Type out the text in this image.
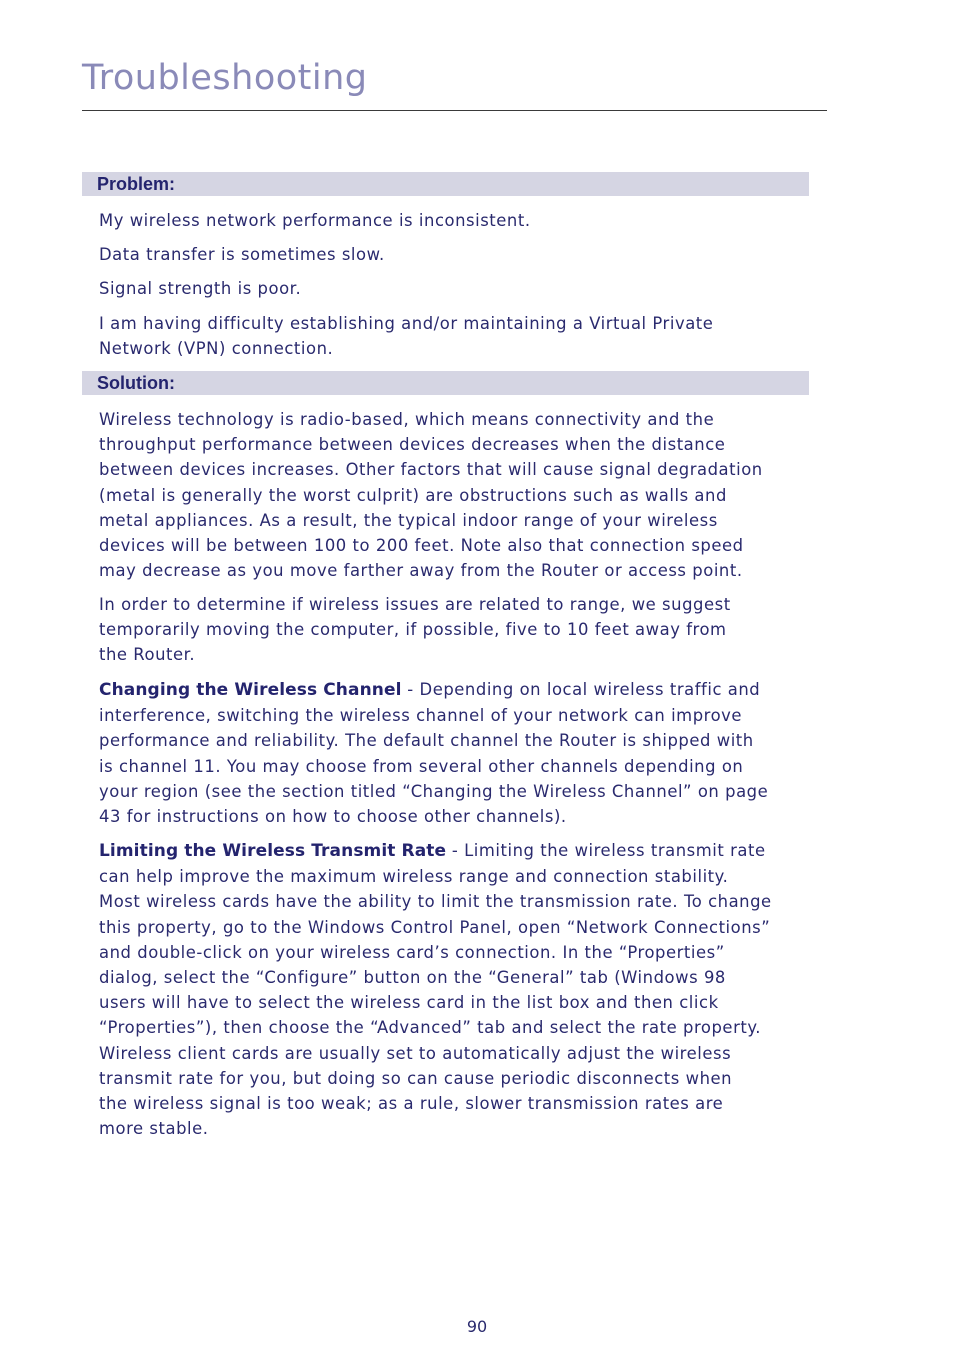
Troubleshooting
Problem:

My wireless network performance is inconsistent.

Data transfer is sometimes slow.

Signal strength is poor.

I am having difficulty establishing and/or maintaining a Virtual Private
Network (VPN) connection.

Solution:

Wireless technology is radio-based, which means connectivity and the
throughput performance between devices decreases when the distance
between devices increases. Other factors that will cause signal degradation
(metal is generally the worst culprit) are obstructions such as walls and
metal appliances. As a result, the typical indoor range of your wireless
devices will be between 100 to 200 feet. Note also that connection speed
may decrease as you move farther away from the Router or access point.

In order to determine if wireless issues are related to range, we suggest
temporarily moving the computer, if possible, five to 10 feet away from
the Router.

Changing the Wireless Channel - Depending on local wireless traffic and
interference, switching the wireless channel of your network can improve
performance and reliability. The default channel the Router is shipped with
is channel 11. You may choose from several other channels depending on
your region (see the section titled “Changing the Wireless Channel” on page
43 for instructions on how to choose other channels).

Limiting the Wireless Transmit Rate - Limiting the wireless transmit rate
can help improve the maximum wireless range and connection stability.
Most wireless cards have the ability to limit the transmission rate. To change
this property, go to the Windows Control Panel, open “Network Connections”
and double-click on your wireless card’s connection. In the “Properties”
dialog, select the “Configure” button on the “General” tab (Windows 98
users will have to select the wireless card in the list box and then click
“Properties”), then choose the “Advanced” tab and select the rate property.
Wireless client cards are usually set to automatically adjust the wireless
transmit rate for you, but doing so can cause periodic disconnects when
the wireless signal is too weak; as a rule, slower transmission rates are
more stable.

90
